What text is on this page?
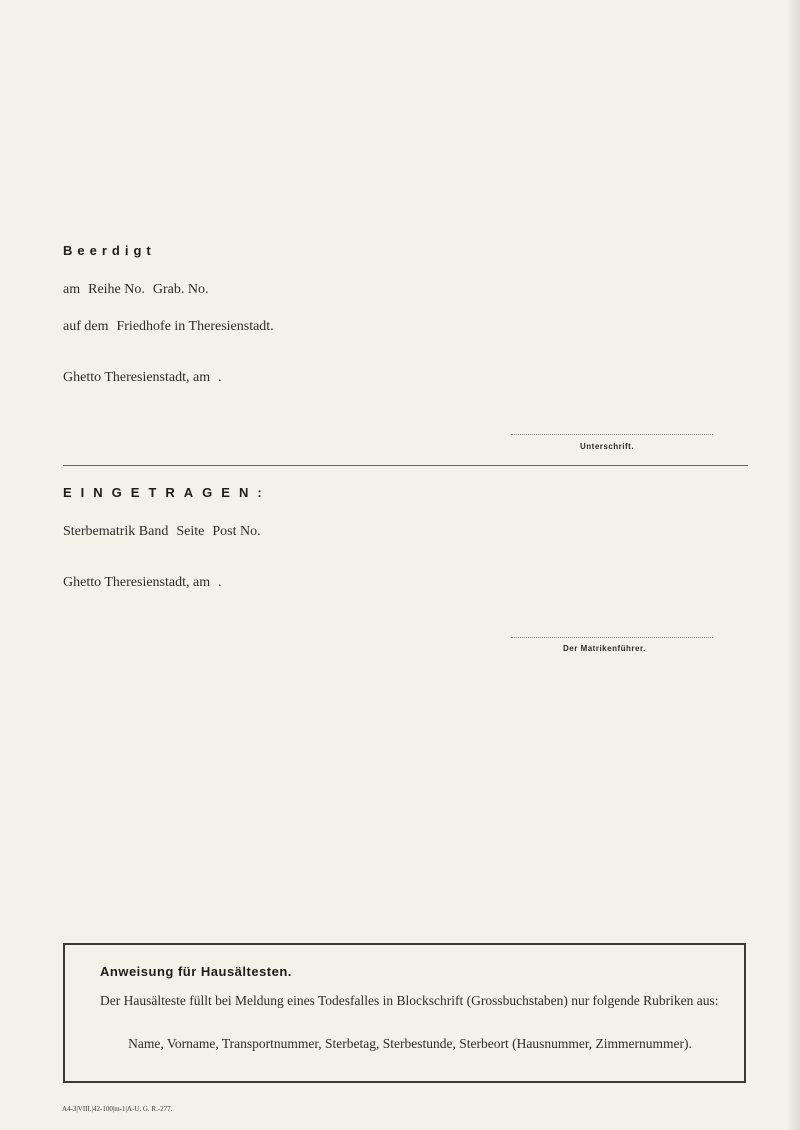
Beerdigt
am Reihe No. Grab. No.
auf dem Friedhofe in Theresienstadt.
Ghetto Theresienstadt, am .
Unterschrift.
EINGETRAGEN:
Sterbematrik Band Seite Post No.
Ghetto Theresienstadt, am .
Der Matrikenführer.
Anweisung für Hausältesten.
Der Hausälteste füllt bei Meldung eines Todesfalles in Blockschrift (Grossbuchstaben) nur folgende Rubriken aus:
Name, Vorname, Transportnummer, Sterbetag, Sterbestunde, Sterbeort (Hausnummer, Zimmernummer).
A4-3|VIII.|42-100|m-1|A-U. G. R.-277.
